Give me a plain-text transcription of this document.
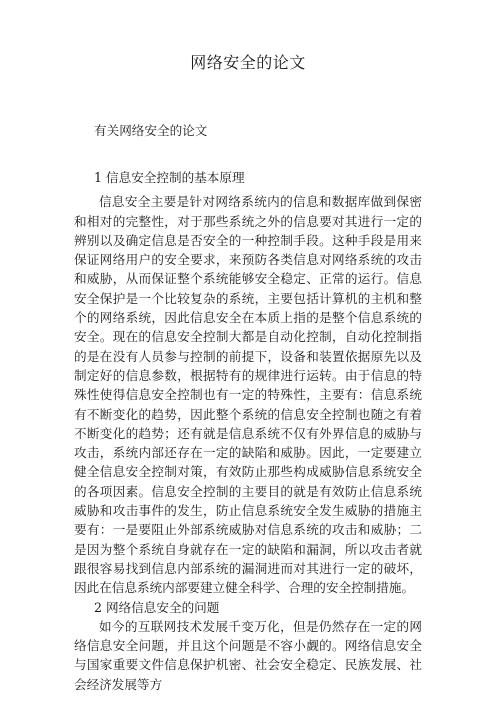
网络安全的论文

有关网络安全的论文

1 信息安全控制的基本原理

信息安全主要是针对网络系统内的信息和数据库做到保密和相对的完整性，对于那些系统之外的信息要对其进行一定的辨别以及确定信息是否安全的一种控制手段。这种手段是用来保证网络用户的安全要求，来预防各类信息对网络系统的攻击和威胁，从而保证整个系统能够安全稳定、正常的运行。信息安全保护是一个比较复杂的系统，主要包括计算机的主机和整个的网络系统，因此信息安全在本质上指的是整个信息系统的安全。现在的信息安全控制大都是自动化控制，自动化控制指的是在没有人员参与控制的前提下，设备和装置依据原先以及制定好的信息参数，根据特有的规律进行运转。由于信息的特殊性使得信息安全控制也有一定的特殊性，主要有：信息系统有不断变化的趋势，因此整个系统的信息安全控制也随之有着不断变化的趋势；还有就是信息系统不仅有外界信息的威胁与攻击，系统内部还存在一定的缺陷和威胁。因此，一定要建立健全信息安全控制对策，有效防止那些构成威胁信息系统安全的各项因素。信息安全控制的主要目的就是有效防止信息系统威胁和攻击事件的发生，防止信息系统安全发生威胁的措施主要有：一是要阻止外部系统威胁对信息系统的攻击和威胁；二是因为整个系统自身就存在一定的缺陷和漏洞，所以攻击者就跟很容易找到信息内部系统的漏洞进而对其进行一定的破坏，因此在信息系统内部要建立健全科学、合理的安全控制措施。

2 网络信息安全的问题

如今的互联网技术发展千变万化，但是仍然存在一定的网络信息安全问题，并且这个问题是不容小觑的。网络信息安全与国家重要文件信息保护机密、社会安全稳定、民族发展、社会经济发展等方
